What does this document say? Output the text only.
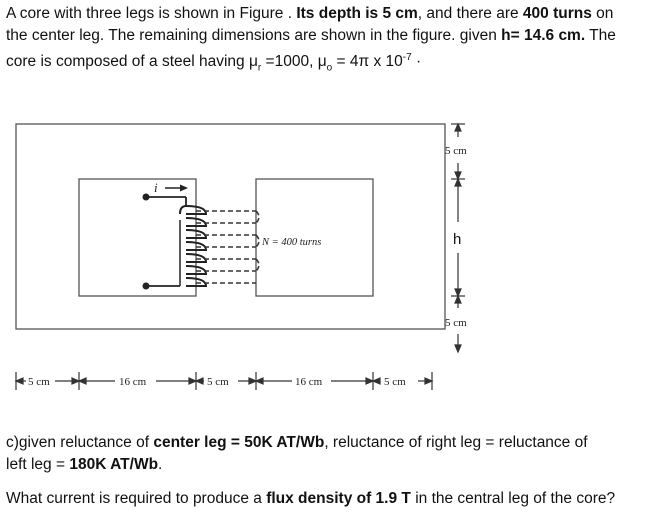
A core with three legs is shown in Figure . Its depth is 5 cm, and there are 400 turns on
the center leg. The remaining dimensions are shown in the figure. given h= 14.6 cm. The
core is composed of a steel having $\mu_r =1000$, $\mu_o = 4\pi$ x $10^{-7}$ ·
i
N = 400 turns
5 cm
h
5 cm
5 cm	16 cm	5 cm	16 cm	5 cm
c)given reluctance of center leg = 50K AT/Wb, reluctance of right leg = reluctance of
left leg = 180K AT/Wb.
What current is required to produce a flux density of 1.9 T in the central leg of the core?
